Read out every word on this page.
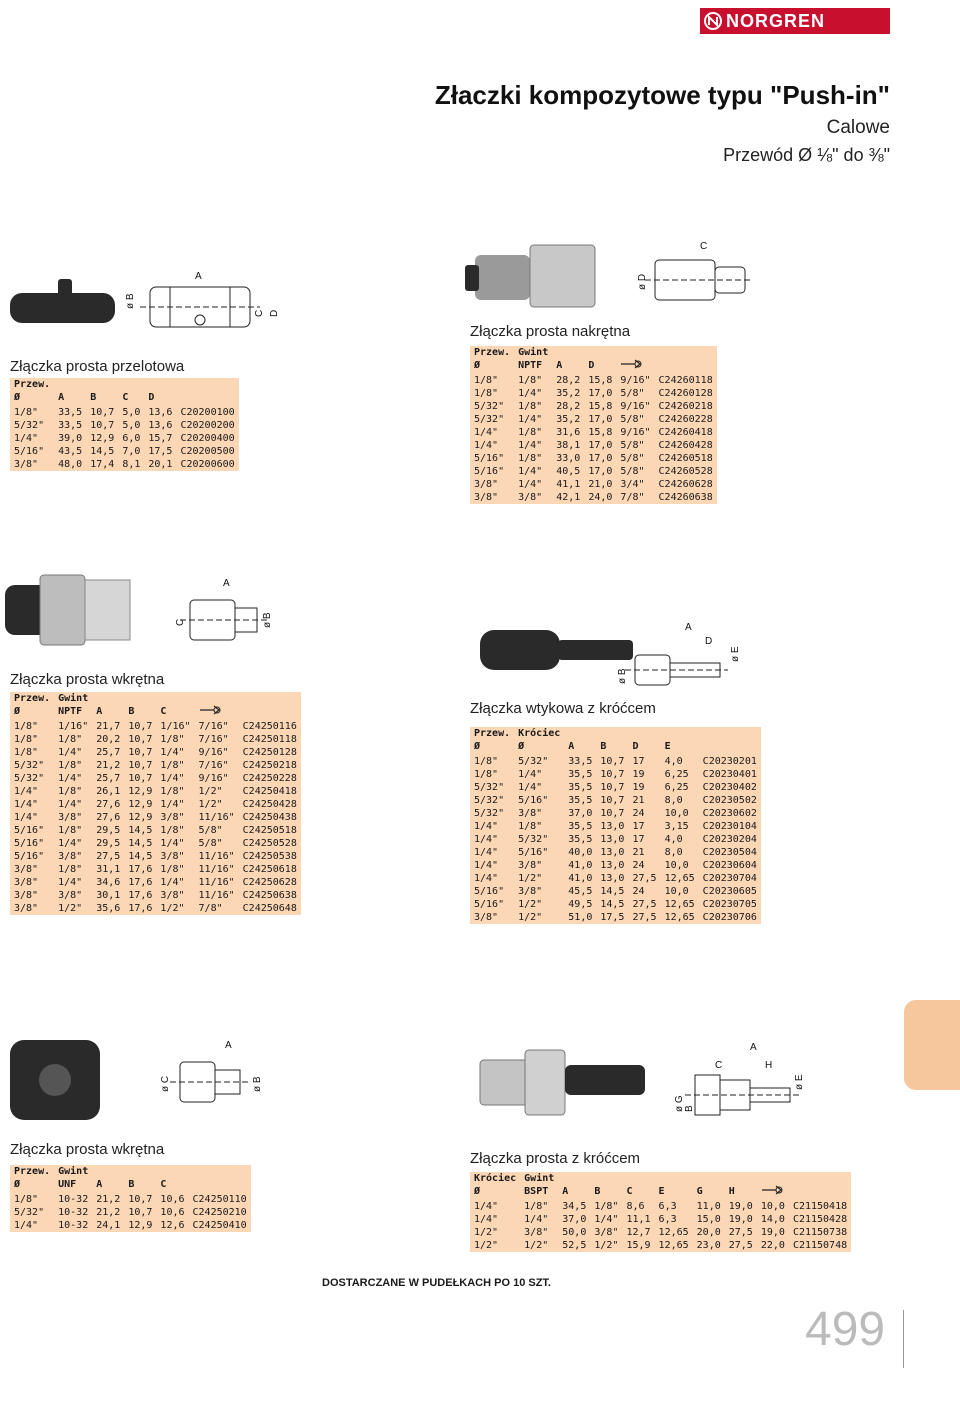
NORGREN
Złaczki kompozytowe typu "Push-in"
Calowe
Przewód Ø ⅛" do ⅜"
ø B
A
C D
Złączka prosta przelotowa
Przew.					
Ø	A	B	C	D	
1/8"	33,5	10,7	5,0	13,6	C20200100
5/32"	33,5	10,7	5,0	13,6	C20200200
1/4"	39,0	12,9	6,0	15,7	C20200400
5/16"	43,5	14,5	7,0	17,5	C20200500
3/8"	48,0	17,4	8,1	20,1	C20200600
C
ø D
Złączka prosta nakrętna
Przew.	Gwint				
Ø	NPTF	A	D		
1/8"	1/8"	28,2	15,8	9/16"	C24260118
1/8"	1/4"	35,2	17,0	5/8"	C24260128
5/32"	1/8"	28,2	15,8	9/16"	C24260218
5/32"	1/4"	35,2	17,0	5/8"	C24260228
1/4"	1/8"	31,6	15,8	9/16"	C24260418
1/4"	1/4"	38,1	17,0	5/8"	C24260428
5/16"	1/8"	33,0	17,0	5/8"	C24260518
5/16"	1/4"	40,5	17,0	5/8"	C24260528
3/8"	1/4"	41,1	21,0	3/4"	C24260628
3/8"	3/8"	42,1	24,0	7/8"	C24260638
A
C	ø B
Złączka prosta wkrętna
Przew.	Gwint					
Ø	NPTF	A	B	C		
1/8"	1/16"	21,7	10,7	1/16"	7/16"	C24250116
1/8"	1/8"	20,2	10,7	1/8"	7/16"	C24250118
1/8"	1/4"	25,7	10,7	1/4"	9/16"	C24250128
5/32"	1/8"	21,2	10,7	1/8"	7/16"	C24250218
5/32"	1/4"	25,7	10,7	1/4"	9/16"	C24250228
1/4"	1/8"	26,1	12,9	1/8"	1/2"	C24250418
1/4"	1/4"	27,6	12,9	1/4"	1/2"	C24250428
1/4"	3/8"	27,6	12,9	3/8"	11/16"	C24250438
5/16"	1/8"	29,5	14,5	1/8"	5/8"	C24250518
5/16"	1/4"	29,5	14,5	1/4"	5/8"	C24250528
5/16"	3/8"	27,5	14,5	3/8"	11/16"	C24250538
3/8"	1/8"	31,1	17,6	1/8"	11/16"	C24250618
3/8"	1/4"	34,6	17,6	1/4"	11/16"	C24250628
3/8"	3/8"	30,1	17,6	3/8"	11/16"	C24250638
3/8"	1/2"	35,6	17,6	1/2"	7/8"	C24250648
A
D
ø B
ø E
Złączka wtykowa z króćcem
Przew.	Króciec					
Ø	Ø	A	B	D	E	
1/8"	5/32"	33,5	10,7	17	4,0	C20230201
1/8"	1/4"	35,5	10,7	19	6,25	C20230401
5/32"	1/4"	35,5	10,7	19	6,25	C20230402
5/32"	5/16"	35,5	10,7	21	8,0	C20230502
5/32"	3/8"	37,0	10,7	24	10,0	C20230602
1/4"	1/8"	35,5	13,0	17	3,15	C20230104
1/4"	5/32"	35,5	13,0	17	4,0	C20230204
1/4"	5/16"	40,0	13,0	21	8,0	C20230504
1/4"	3/8"	41,0	13,0	24	10,0	C20230604
1/4"	1/2"	41,0	13,0	27,5	12,65	C20230704
5/16"	3/8"	45,5	14,5	24	10,0	C20230605
5/16"	1/2"	49,5	14,5	27,5	12,65	C20230705
3/8"	1/2"	51,0	17,5	27,5	12,65	C20230706
A
ø C	ø B
Złączka prosta wkrętna
Przew.	Gwint				
Ø	UNF	A	B	C	
1/8"	10-32	21,2	10,7	10,6	C24250110
5/32"	10-32	21,2	10,7	10,6	C24250210
1/4"	10-32	24,1	12,9	12,6	C24250410
A
C	H
ø G B
ø E
Złączka prosta z króćcem
Króciec	Gwint								
Ø	BSPT	A	B	C	E	G	H		
1/4"	1/8"	34,5	1/8"	8,6	6,3	11,0	19,0	10,0	C21150418
1/4"	1/4"	37,0	1/4"	11,1	6,3	15,0	19,0	14,0	C21150428
1/2"	3/8"	50,0	3/8"	12,7	12,65	20,0	27,5	19,0	C21150738
1/2"	1/2"	52,5	1/2"	15,9	12,65	23,0	27,5	22,0	C21150748
DOSTARCZANE W PUDEŁKACH PO 10 SZT.
499
